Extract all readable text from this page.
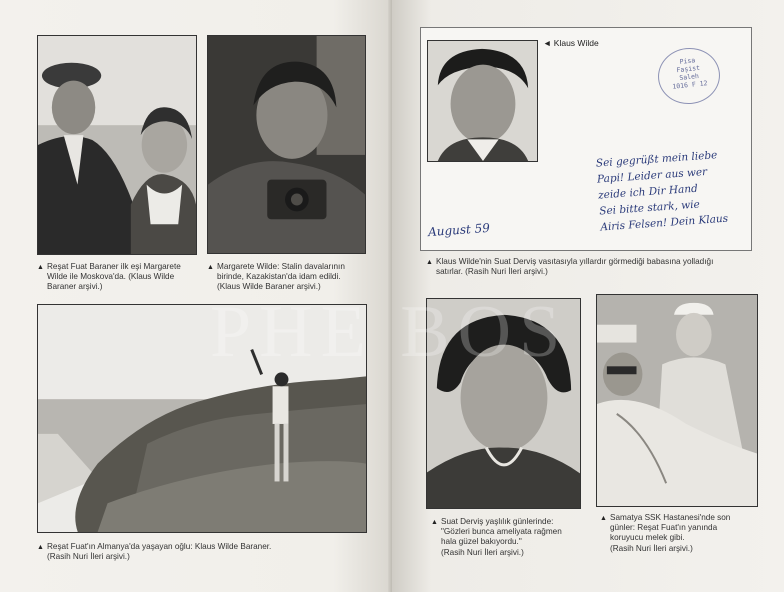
▲ Reşat Fuat Baraner ilk eşi Margarete
Wilde ile Moskova'da. (Klaus Wilde
Baraner arşivi.)
▲ Margarete Wilde: Stalin davalarının
birinde, Kazakistan'da idam edildi.
(Klaus Wilde Baraner arşivi.)
▲ Reşat Fuat'ın Almanya'da yaşayan oğlu: Klaus Wilde Baraner.
(Rasih Nuri İleri arşivi.)
◄ Klaus Wilde
Pisa
Faşist
Saleh
1016 F 12
Sei gegrüßt mein liebe
Papi! Leider aus wer
zeide ich Dir Hand
Sei bitte stark, wie
Airis Felsen! Dein Klaus
August 59
▲ Klaus Wilde'nin Suat Derviş vasıtasıyla yıllardır görmediği babasına yolladığı
satırlar. (Rasih Nuri İleri arşivi.)
▲ Suat Derviş yaşlılık günlerinde:
"Gözleri bunca ameliyata rağmen
hala güzel bakıyordu."
(Rasih Nuri İleri arşivi.)
▲ Samatya SSK Hastanesi'nde son
günler: Reşat Fuat'ın yanında
koruyucu melek gibi.
(Rasih Nuri İleri arşivi.)
PHE BOS
